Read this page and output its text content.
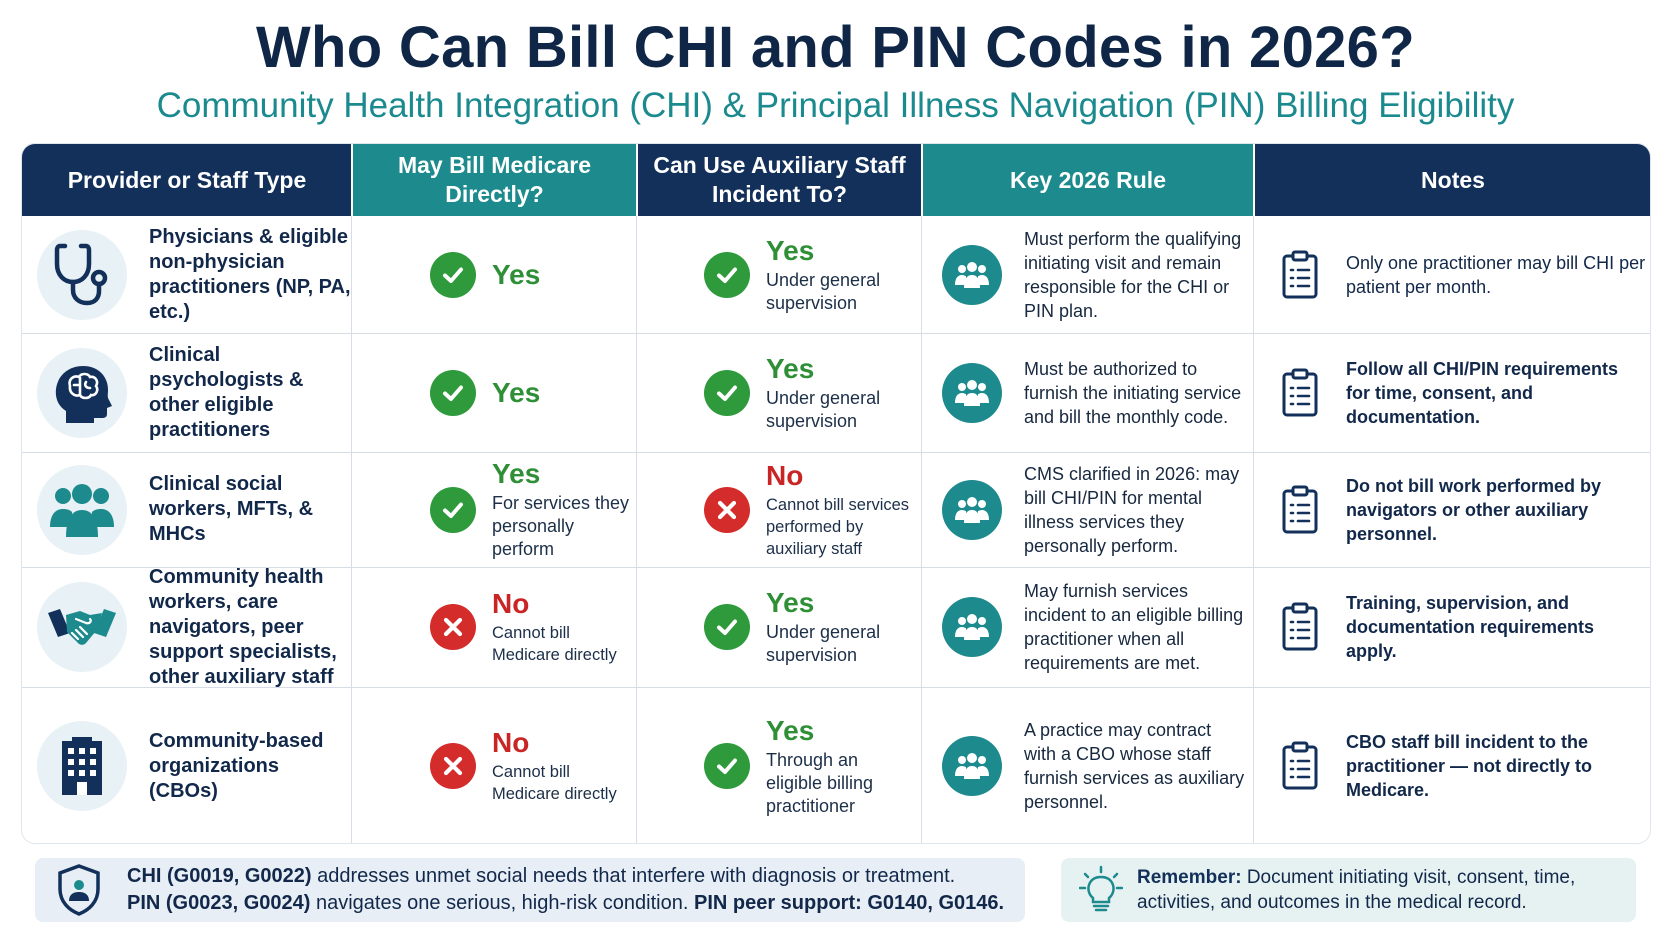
Who Can Bill CHI and PIN Codes in 2026?
Community Health Integration (CHI) & Principal Illness Navigation (PIN) Billing Eligibility
Provider or Staff Type
May Bill Medicare Directly?
Can Use Auxiliary Staff Incident To?
Key 2026 Rule	Notes
Physicians & eligible non-physician practitioners (NP, PA, etc.)
Yes
Yes
Under general supervision
Must perform the qualifying initiating visit and remain responsible for the CHI or PIN plan.
Only one practitioner may bill CHI per patient per month.
Clinical psychologists & other eligible practitioners
Yes
Yes
Under general supervision
Must be authorized to furnish the initiating service and bill the monthly code.
Follow all CHI/PIN requirements for time, consent, and documentation.
Clinical social workers, MFTs, & MHCs
Yes
For services they personally perform
No
Cannot bill services performed by auxiliary staff
CMS clarified in 2026: may bill CHI/PIN for mental illness services they personally perform.
Do not bill work performed by navigators or other auxiliary personnel.
Community health workers, care navigators, peer support specialists, other auxiliary staff
No
Cannot bill Medicare directly
Yes
Under general supervision
May furnish services incident to an eligible billing practitioner when all requirements are met.
Training, supervision, and documentation requirements apply.
Community-based organizations (CBOs)
No
Cannot bill Medicare directly
Yes
Through an eligible billing practitioner
A practice may contract with a CBO whose staff furnish services as auxiliary personnel.
CBO staff bill incident to the practitioner — not directly to Medicare.
CHI (G0019, G0022) addresses unmet social needs that interfere with diagnosis or treatment.
PIN (G0023, G0024) navigates one serious, high-risk condition. PIN peer support: G0140, G0146.
Remember: Document initiating visit, consent, time, activities, and outcomes in the medical record.
